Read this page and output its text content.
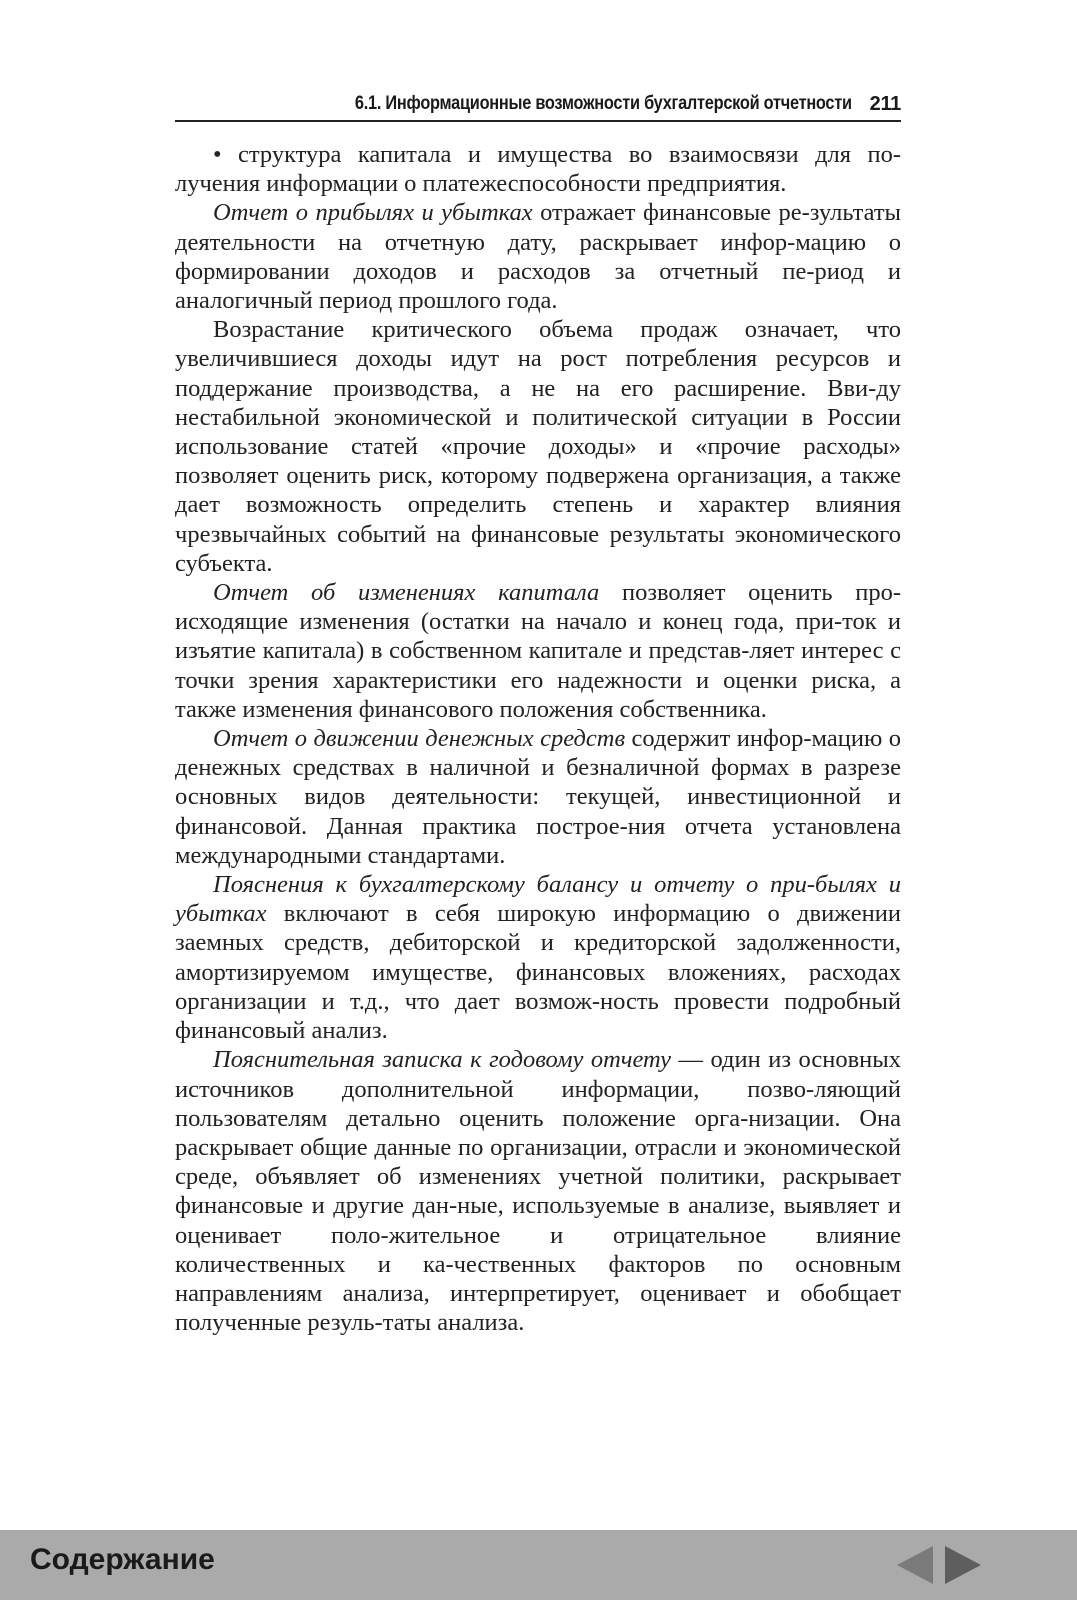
6.1. Информационные возможности бухгалтерской отчетности 211

• структура капитала и имущества во взаимосвязи для по-лучения информации о платежеспособности предприятия.

Отчет о прибылях и убытках отражает финансовые ре-зультаты деятельности на отчетную дату, раскрывает инфор-мацию о формировании доходов и расходов за отчетный пе-риод и аналогичный период прошлого года.

Возрастание критического объема продаж означает, что увеличившиеся доходы идут на рост потребления ресурсов и поддержание производства, а не на его расширение. Вви-ду нестабильной экономической и политической ситуации в России использование статей «прочие доходы» и «прочие расходы» позволяет оценить риск, которому подвержена организация, а также дает возможность определить степень и характер влияния чрезвычайных событий на финансовые результаты экономического субъекта.

Отчет об изменениях капитала позволяет оценить про-исходящие изменения (остатки на начало и конец года, при-ток и изъятие капитала) в собственном капитале и представ-ляет интерес с точки зрения характеристики его надежности и оценки риска, а также изменения финансового положения собственника.

Отчет о движении денежных средств содержит инфор-мацию о денежных средствах в наличной и безналичной формах в разрезе основных видов деятельности: текущей, инвестиционной и финансовой. Данная практика построе-ния отчета установлена международными стандартами.

Пояснения к бухгалтерскому балансу и отчету о при-былях и убытках включают в себя широкую информацию о движении заемных средств, дебиторской и кредиторской задолженности, амортизируемом имуществе, финансовых вложениях, расходах организации и т.д., что дает возмож-ность провести подробный финансовый анализ.

Пояснительная записка к годовому отчету — один из основных источников дополнительной информации, позво-ляющий пользователям детально оценить положение орга-низации. Она раскрывает общие данные по организации, отрасли и экономической среде, объявляет об изменениях учетной политики, раскрывает финансовые и другие дан-ные, используемые в анализе, выявляет и оценивает поло-жительное и отрицательное влияние количественных и ка-чественных факторов по основным направлениям анализа, интерпретирует, оценивает и обобщает полученные резуль-таты анализа.

Содержание
